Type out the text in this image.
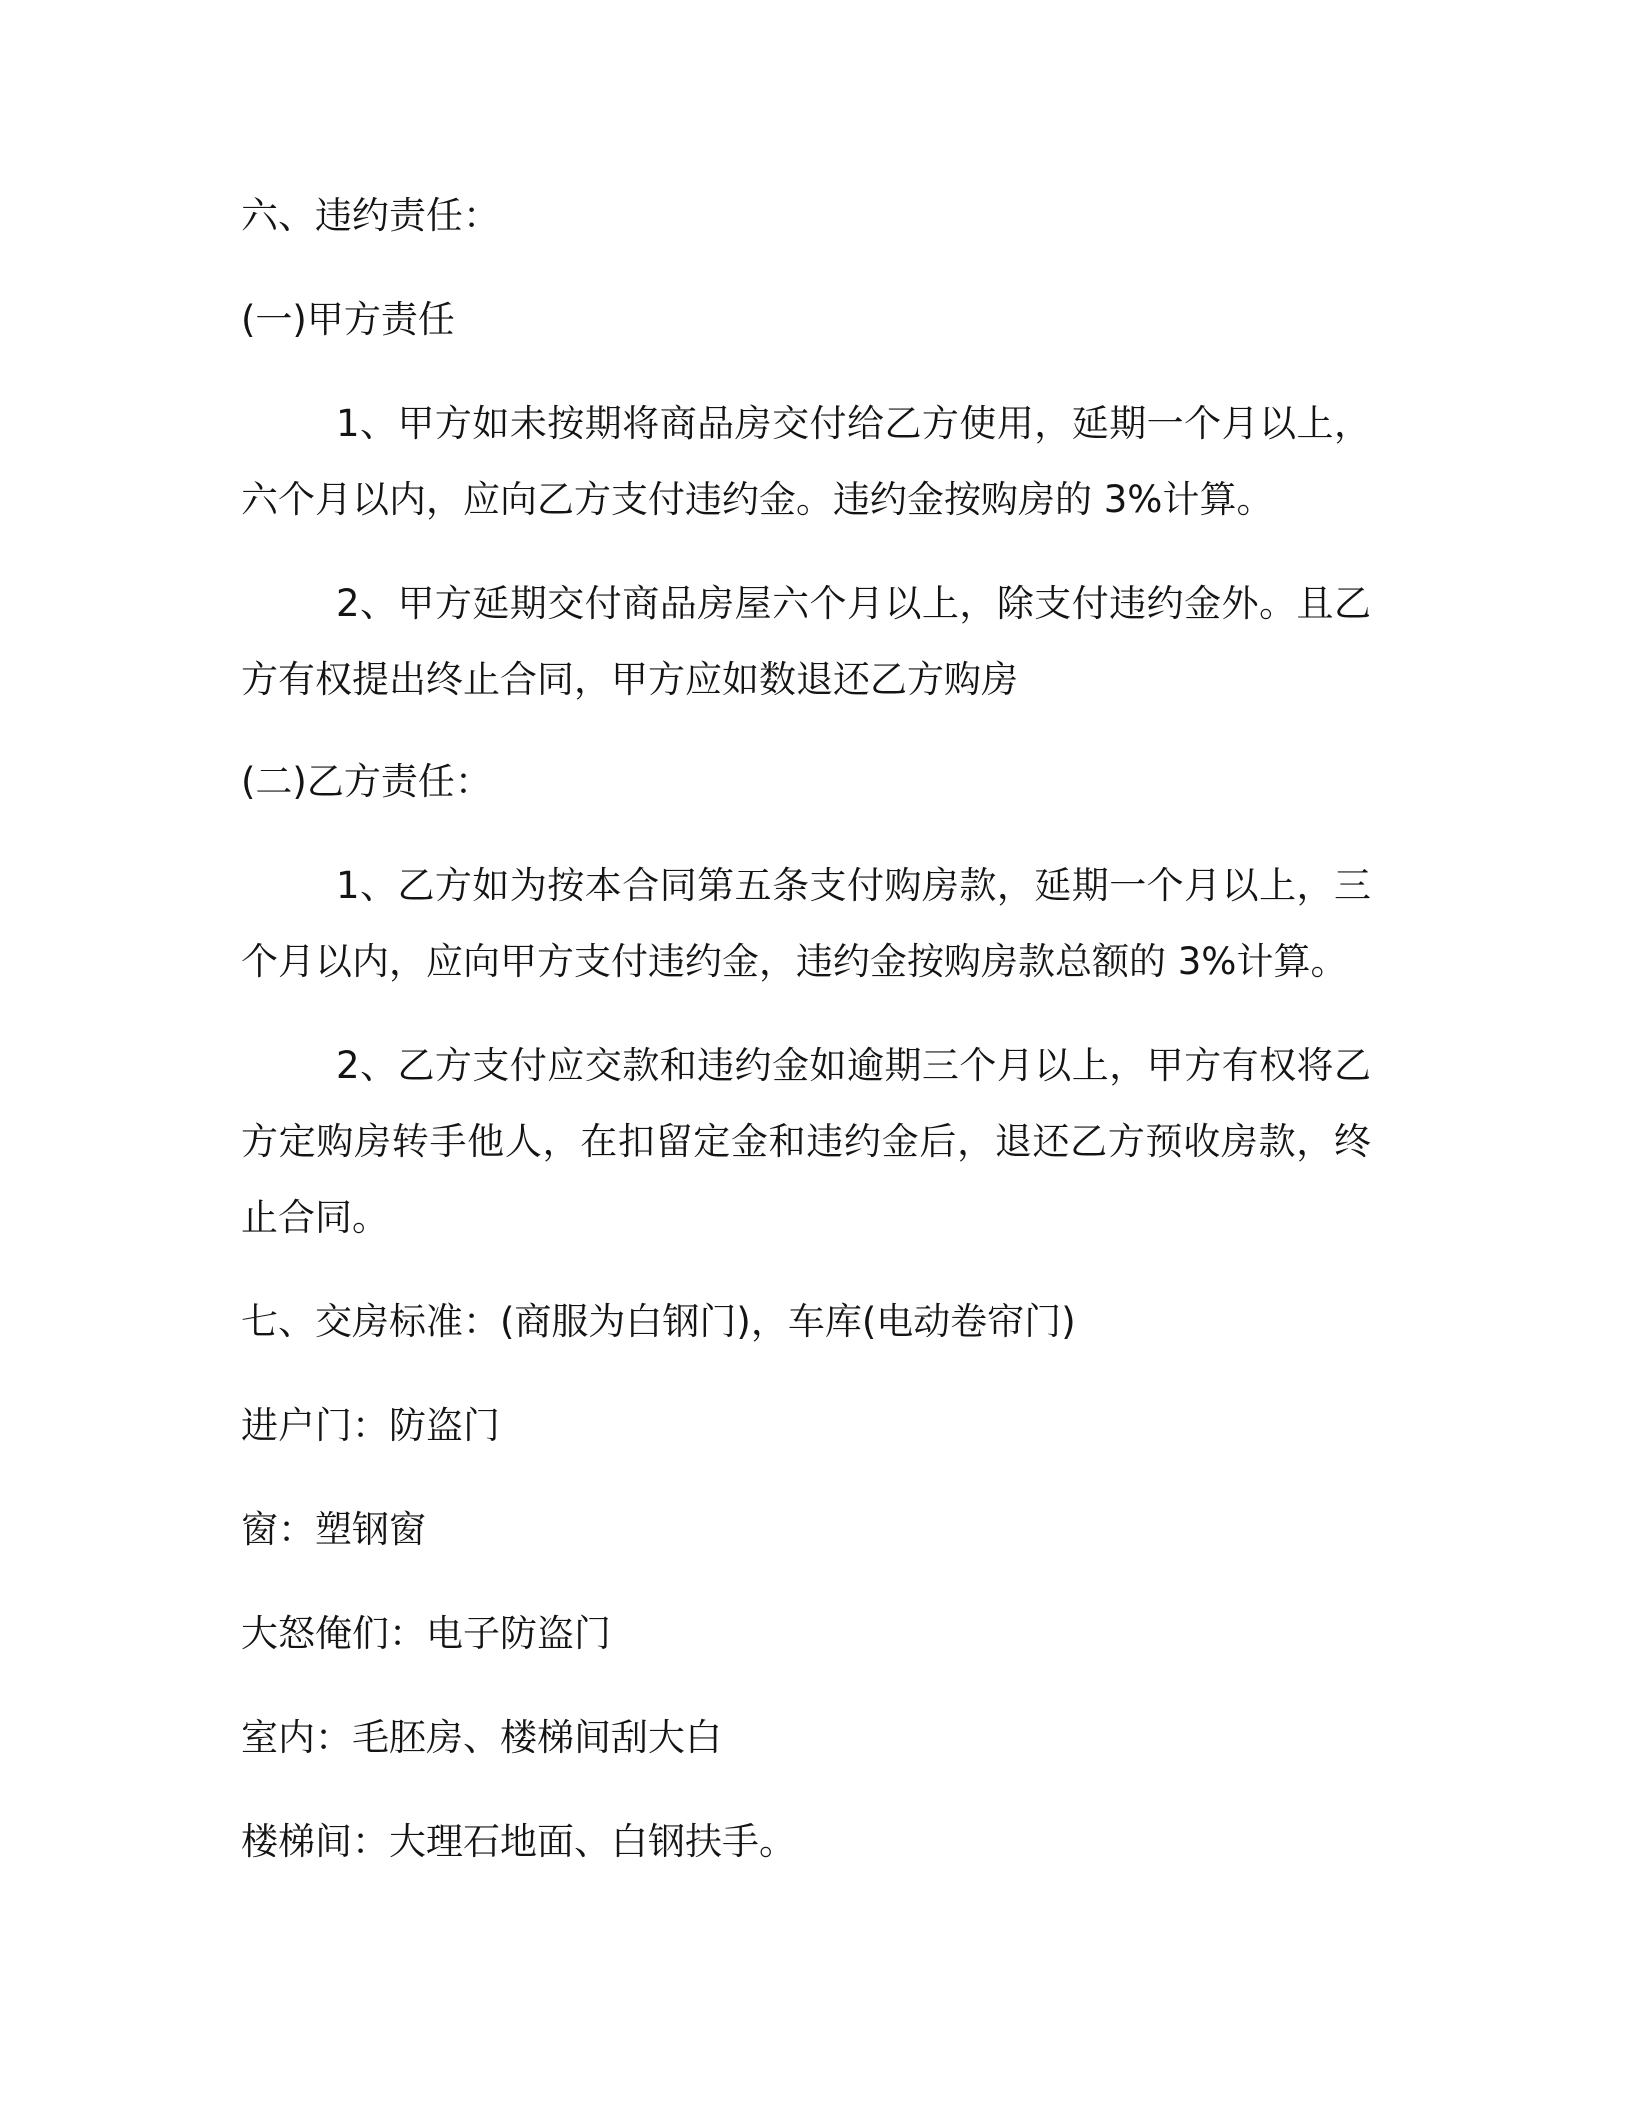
六、违约责任：

(一)甲方责任

1、甲方如未按期将商品房交付给乙方使用，延期一个月以上，
六个月以内，应向乙方支付违约金。违约金按购房的 3%计算。
2、甲方延期交付商品房屋六个月以上，除支付违约金外。且乙
方有权提出终止合同，甲方应如数退还乙方购房

(二)乙方责任：

1、乙方如为按本合同第五条支付购房款，延期一个月以上，三
个月以内，应向甲方支付违约金，违约金按购房款总额的 3%计算。
2、乙方支付应交款和违约金如逾期三个月以上，甲方有权将乙
方定购房转手他人，在扣留定金和违约金后，退还乙方预收房款，终
止合同。

七、交房标准：(商服为白钢门)，车库(电动卷帘门)

进户门：防盗门

窗：塑钢窗

大怒俺们：电子防盗门

室内：毛胚房、楼梯间刮大白

楼梯间：大理石地面、白钢扶手。
